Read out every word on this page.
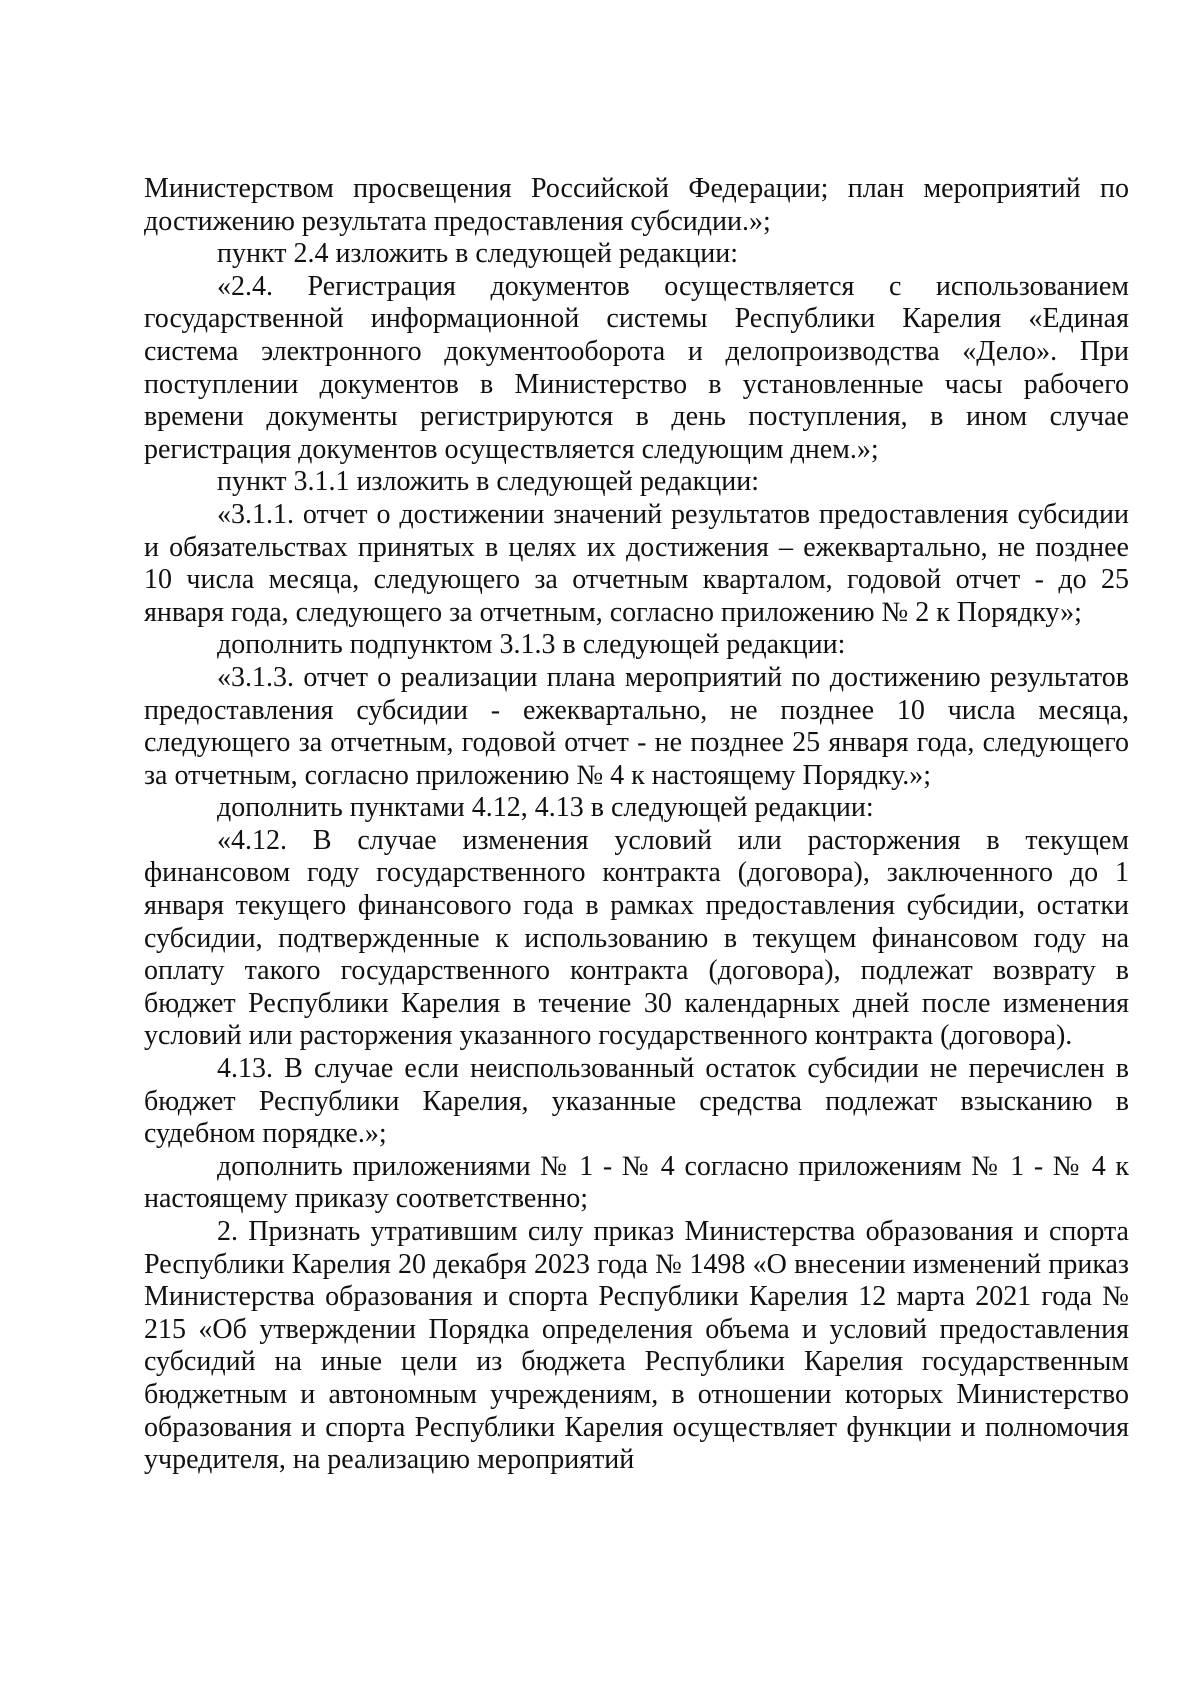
Министерством просвещения Российской Федерации; план мероприятий по достижению результата предоставления субсидии.»;

пункт 2.4 изложить в следующей редакции:

«2.4. Регистрация документов осуществляется с использованием государственной информационной системы Республики Карелия «Единая система электронного документооборота и делопроизводства «Дело». При поступлении документов в Министерство в установленные часы рабочего времени документы регистрируются в день поступления, в ином случае регистрация документов осуществляется следующим днем.»;

пункт 3.1.1 изложить в следующей редакции:

«3.1.1. отчет о достижении значений результатов предоставления субсидии и обязательствах принятых в целях их достижения – ежеквартально, не позднее 10 числа месяца, следующего за отчетным кварталом, годовой отчет - до 25 января года, следующего за отчетным, согласно приложению № 2 к Порядку»;

дополнить подпунктом 3.1.3 в следующей редакции:

«3.1.3. отчет о реализации плана мероприятий по достижению результатов предоставления субсидии - ежеквартально, не позднее 10 числа месяца, следующего за отчетным, годовой отчет - не позднее 25 января года, следующего за отчетным, согласно приложению № 4 к настоящему Порядку.»;

дополнить пунктами 4.12, 4.13 в следующей редакции:

«4.12. В случае изменения условий или расторжения в текущем финансовом году государственного контракта (договора), заключенного до 1 января текущего финансового года в рамках предоставления субсидии, остатки субсидии, подтвержденные к использованию в текущем финансовом году на оплату такого государственного контракта (договора), подлежат возврату в бюджет Республики Карелия в течение 30 календарных дней после изменения условий или расторжения указанного государственного контракта (договора).

4.13. В случае если неиспользованный остаток субсидии не перечислен в бюджет Республики Карелия, указанные средства подлежат взысканию в судебном порядке.»;

дополнить приложениями № 1 - № 4 согласно приложениям № 1 - № 4 к настоящему приказу соответственно;

2. Признать утратившим силу приказ Министерства образования и спорта Республики Карелия 20 декабря 2023 года № 1498 «О внесении изменений приказ Министерства образования и спорта Республики Карелия 12 марта 2021 года № 215 «Об утверждении Порядка определения объема и условий предоставления субсидий на иные цели из бюджета Республики Карелия государственным бюджетным и автономным учреждениям, в отношении которых Министерство образования и спорта Республики Карелия осуществляет функции и полномочия учредителя, на реализацию мероприятий
